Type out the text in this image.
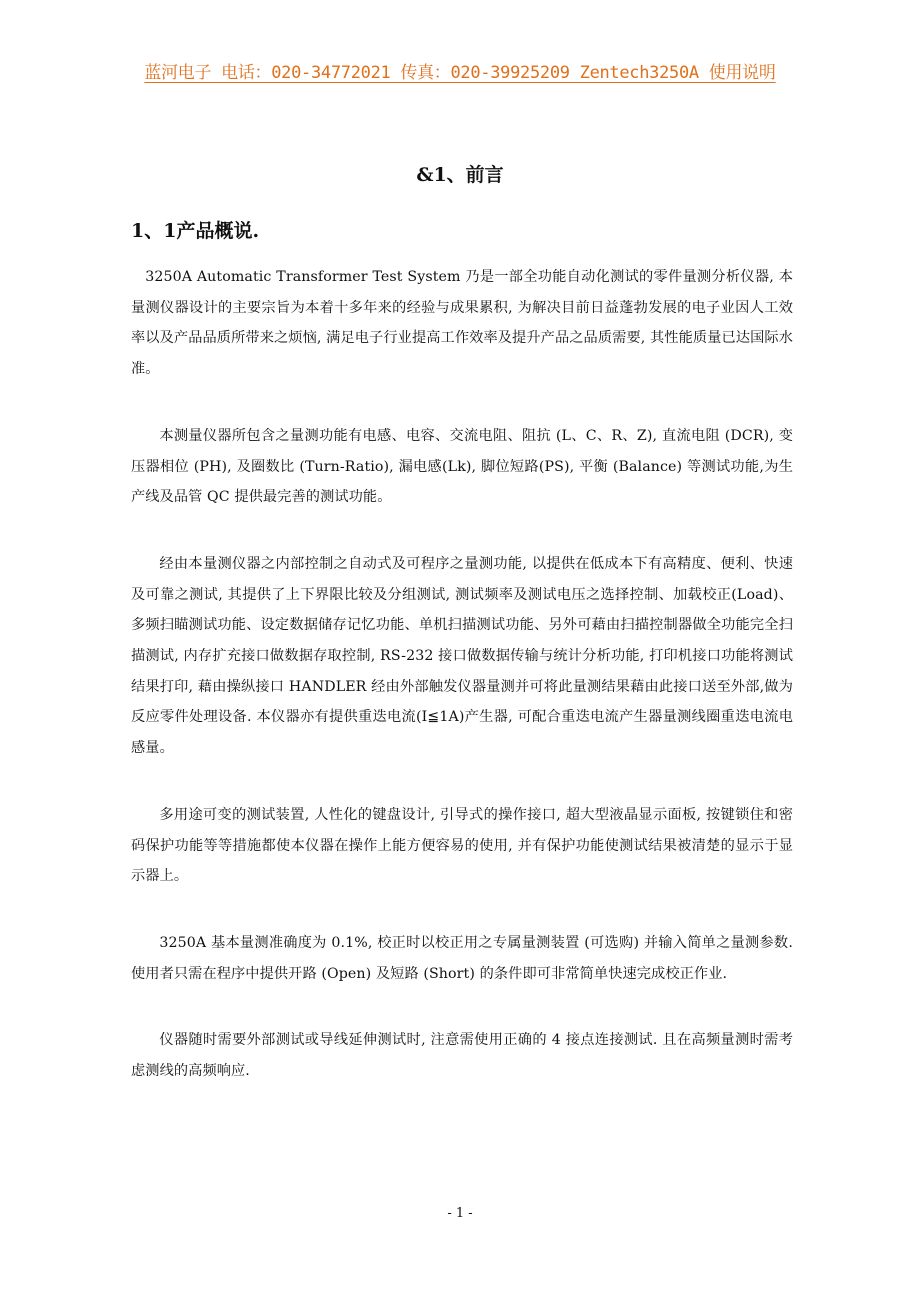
蓝河电子 电话：020-34772021 传真：020-39925209 Zentech3250A 使用说明
&1、前言
1、1产品概说.

3250A Automatic Transformer Test System 乃是一部全功能自动化测试的零件量测分析仪器, 本量测仪器设计的主要宗旨为本着十多年来的经验与成果累积, 为解决目前日益蓬勃发展的电子业因人工效率以及产品品质所带来之烦恼, 满足电子行业提高工作效率及提升产品之品质需要, 其性能质量已达国际水准。

本测量仪器所包含之量测功能有电感、电容、交流电阻、阻抗 (L、C、R、Z), 直流电阻 (DCR), 变压器相位 (PH), 及圈数比 (Turn-Ratio), 漏电感(Lk), 脚位短路(PS), 平衡 (Balance) 等测试功能,为生产线及品管 QC 提供最完善的测试功能。

经由本量测仪器之内部控制之自动式及可程序之量测功能, 以提供在低成本下有高精度、便利、快速及可靠之测试, 其提供了上下界限比较及分组测试, 测试频率及测试电压之选择控制、加载校正(Load)、多频扫瞄测试功能、设定数据储存记忆功能、单机扫描测试功能、另外可藉由扫描控制器做全功能完全扫描测试, 内存扩充接口做数据存取控制, RS-232 接口做数据传输与统计分析功能, 打印机接口功能将测试结果打印, 藉由操纵接口 HANDLER 经由外部触发仪器量测并可将此量测结果藉由此接口送至外部,做为反应零件处理设备. 本仪器亦有提供重迭电流(I≦1A)产生器, 可配合重迭电流产生器量测线圈重迭电流电感量。

多用途可变的测试装置, 人性化的键盘设计, 引导式的操作接口, 超大型液晶显示面板, 按键锁住和密码保护功能等等措施都使本仪器在操作上能方便容易的使用, 并有保护功能使测试结果被清楚的显示于显示器上。

3250A 基本量测准确度为 0.1%, 校正时以校正用之专属量测装置 (可选购) 并输入简单之量测参数. 使用者只需在程序中提供开路 (Open) 及短路 (Short) 的条件即可非常简单快速完成校正作业.

仪器随时需要外部测试或导线延伸测试时, 注意需使用正确的 4 接点连接测试. 且在高频量测时需考虑测线的高频响应.

- 1 -
